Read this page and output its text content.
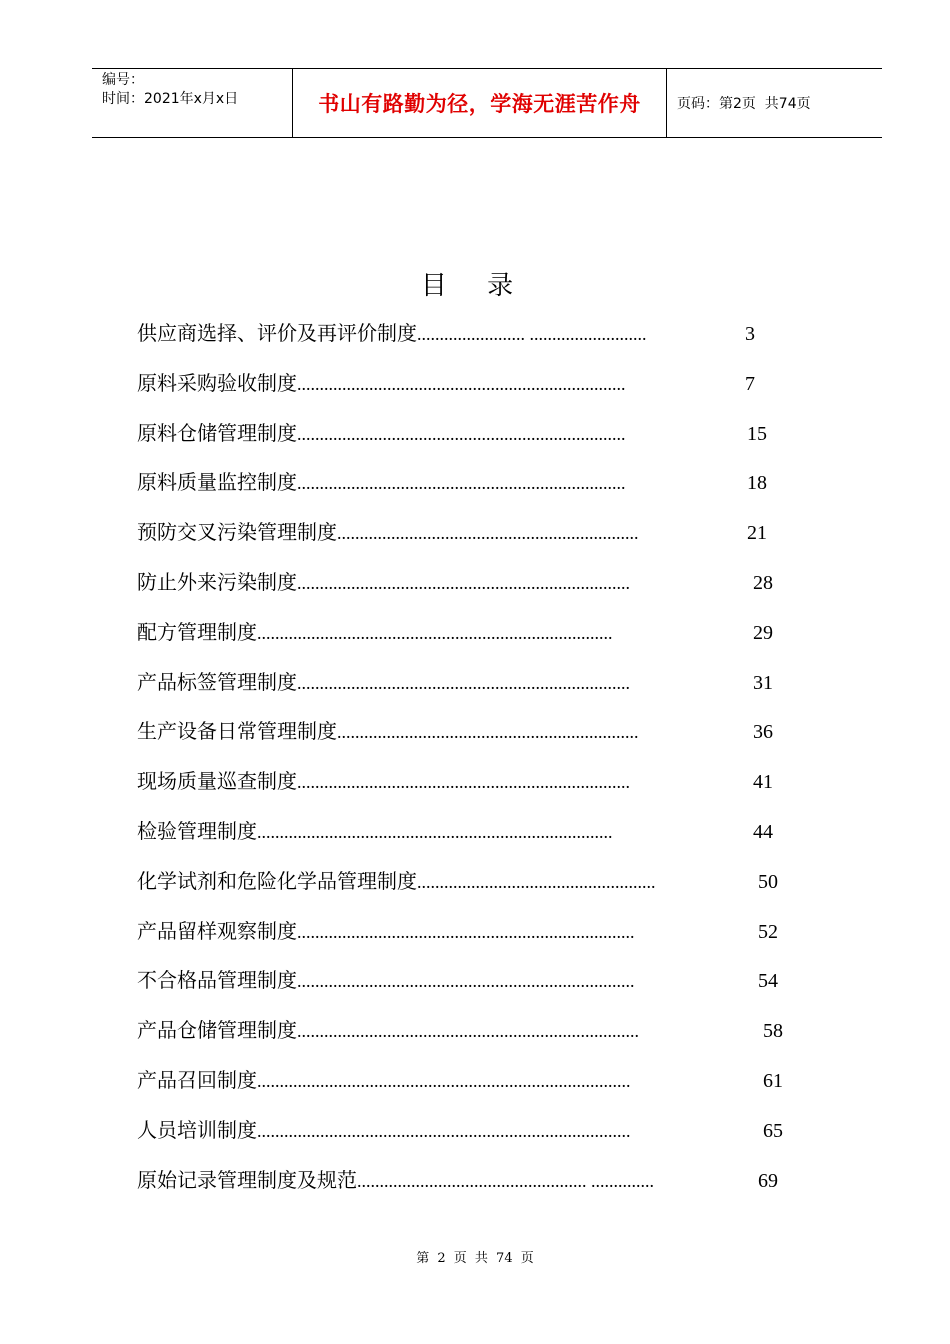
编号：
时间：2021年x月x日	书山有路勤为径，学海无涯苦作舟	页码：第2页  共74页
目 录
供应商选择、评价及再评价制度 ........................ ..........................	3
原料采购验收制度 .........................................................................	7
原料仓储管理制度 .........................................................................	15
原料质量监控制度 .........................................................................	18
预防交叉污染管理制度 ...................................................................	21
防止外来污染制度 ..........................................................................	28
配方管理制度 ...............................................................................	29
产品标签管理制度 ..........................................................................	31
生产设备日常管理制度 ...................................................................	36
现场质量巡查制度 ..........................................................................	41
检验管理制度 ...............................................................................	44
化学试剂和危险化学品管理制度 .....................................................	50
产品留样观察制度 ...........................................................................	52
不合格品管理制度 ...........................................................................	54
产品仓储管理制度 ............................................................................	58
产品召回制度 ...................................................................................	61
人员培训制度 ...................................................................................	65
原始记录管理制度及规范 ................................................... ..............	69
第 2 页 共 74 页
